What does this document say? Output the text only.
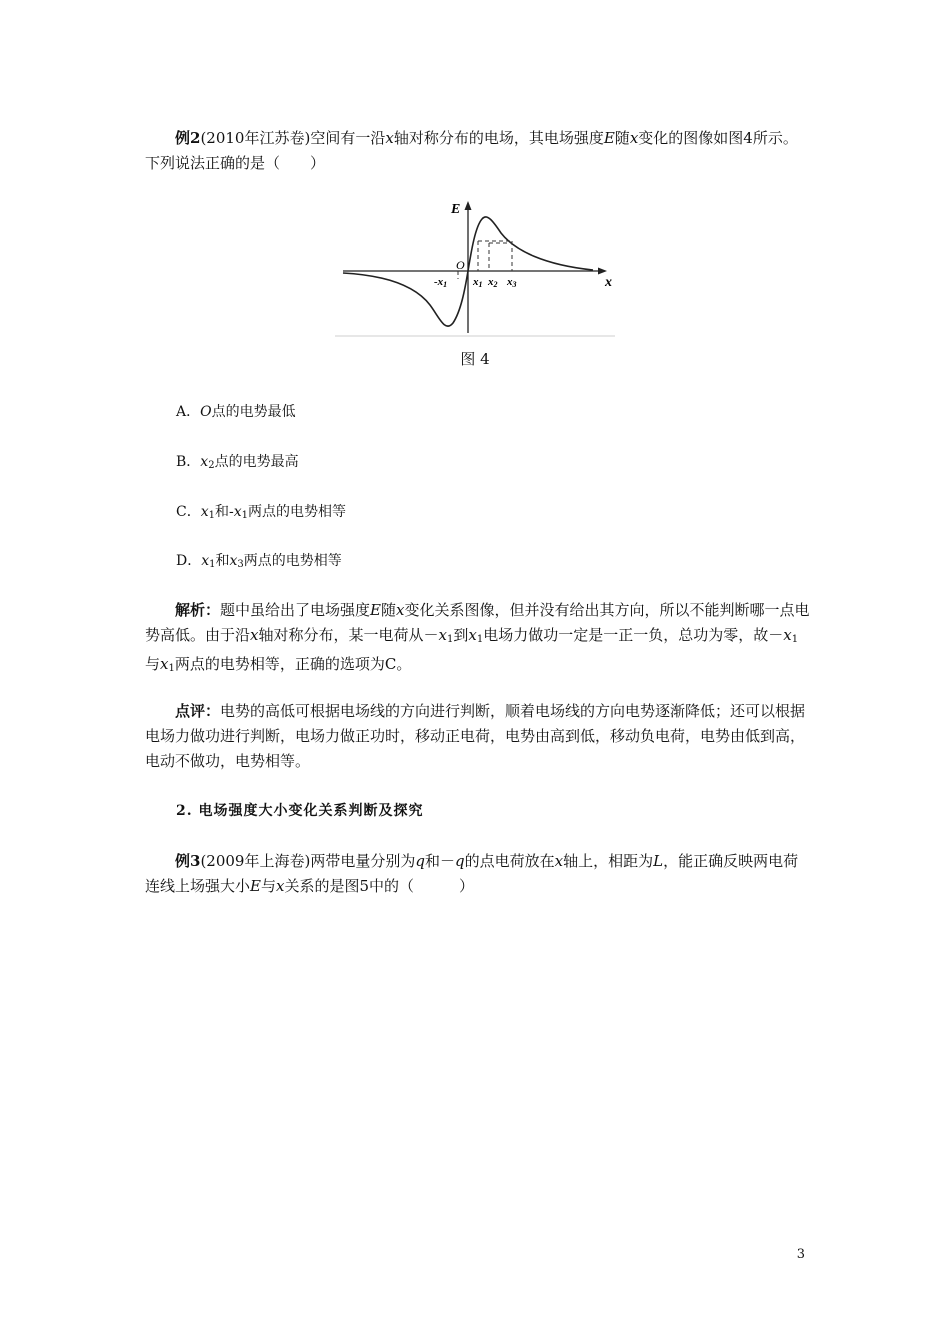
例2(2010年江苏卷)空间有一沿x轴对称分布的电场，其电场强度E随x变化的图像如图4所示。下列说法正确的是（　　）

E
x
O
-x1 x1 x2 x3
图 4

A．O点的电势最低

B．$x_2$点的电势最高

C．$x_1$和$-x_1$两点的电势相等

D．$x_1$和$x_3$两点的电势相等

解析：题中虽给出了电场强度E随x变化关系图像，但并没有给出其方向，所以不能判断哪一点电势高低。由于沿x轴对称分布，某一电荷从$-x_1$到$x_1$电场力做功一定是一正一负，总功为零，故$-x_1$与$x_1$两点的电势相等，正确的选项为C。

点评：电势的高低可根据电场线的方向进行判断，顺着电场线的方向电势逐渐降低；还可以根据电场力做功进行判断，电场力做正功时，移动正电荷，电势由高到低，移动负电荷，电势由低到高，电动不做功，电势相等。

2. 电场强度大小变化关系判断及探究

例3(2009年上海卷)两带电量分别为q和－q的点电荷放在x轴上，相距为L，能正确反映两电荷连线上场强大小E与x关系的是图5中的（　　　）

3
